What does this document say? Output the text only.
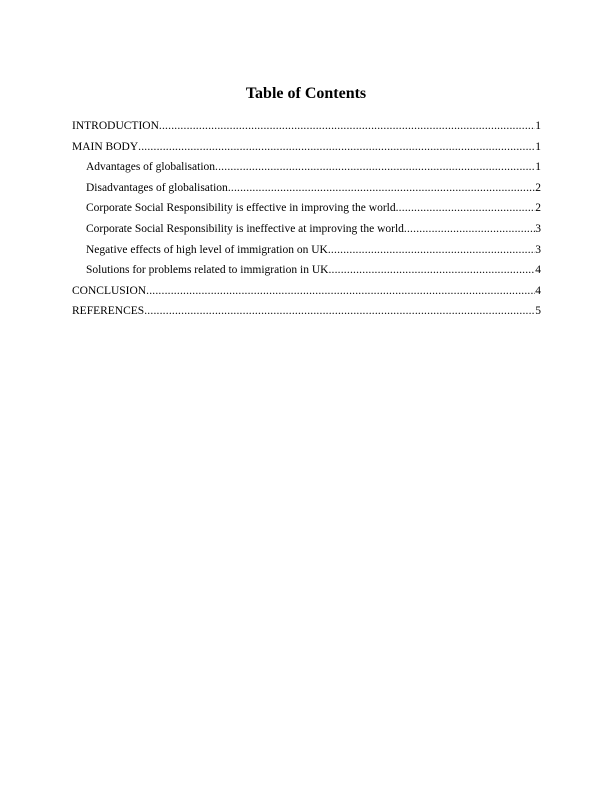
Table of Contents
INTRODUCTION .....	1
MAIN BODY .....	1
Advantages of globalisation .....	1
Disadvantages of globalisation .....	2
Corporate Social Responsibility is effective in improving the world .....	2
Corporate Social Responsibility is ineffective at improving the world .....	3
Negative effects of high level of immigration on UK .....	3
Solutions for problems related to immigration in UK .....	4
CONCLUSION .....	4
REFERENCES .....	5
